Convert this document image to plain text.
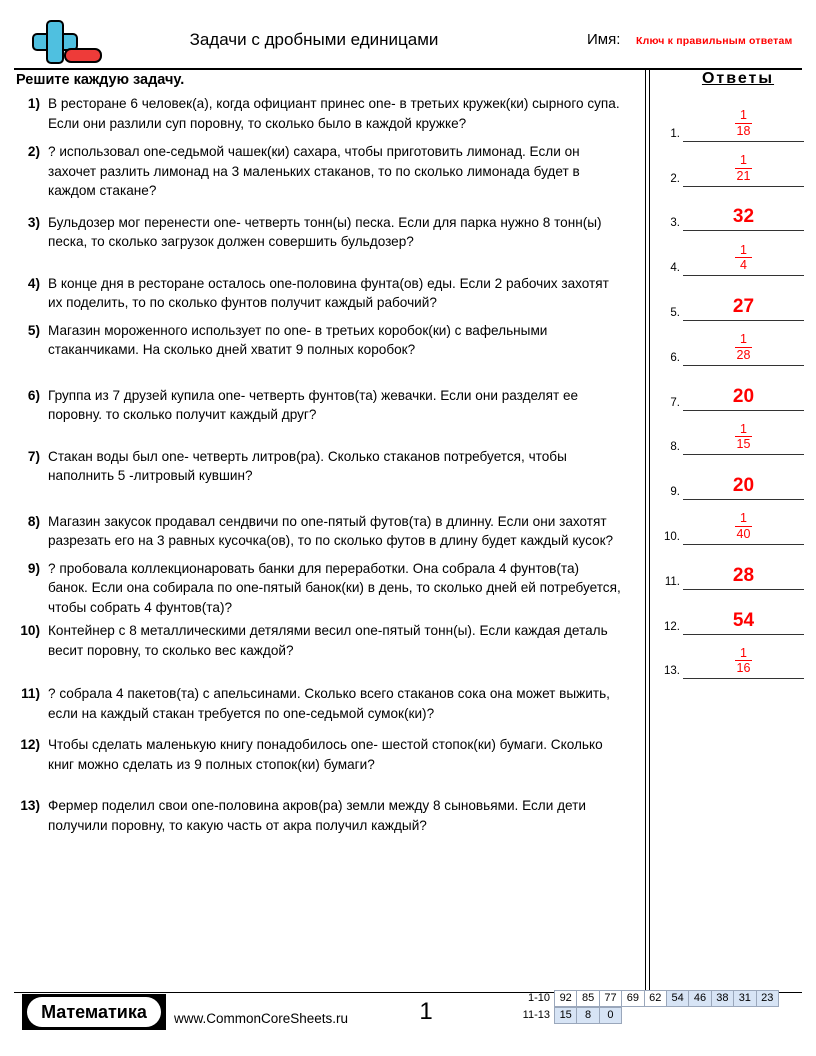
Задачи с дробными единицами	Имя: Ключ к правильным ответам
Решите каждую задачу.
1) В ресторане 6 человек(а), когда официант принес one- в третьих кружек(ки) сырного супа. Если они разлили суп поровну, то сколько было в каждой кружке?
2) ? использовал one-седьмой чашек(ки) сахара, чтобы приготовить лимонад. Если он захочет разлить лимонад на 3 маленьких стаканов, то по сколько лимонада будет в каждом стакане?
3) Бульдозер мог перенести one- четверть тонн(ы) песка. Если для парка нужно 8 тонн(ы) песка, то сколько загрузок должен совершить бульдозер?
4) В конце дня в ресторане осталось one-половина фунта(ов) еды. Если 2 рабочих захотят их поделить, то по сколько фунтов получит каждый рабочий?
5) Магазин мороженного использует по one- в третьих коробок(ки) с вафельными стаканчиками. На сколько дней хватит 9 полных коробок?
6) Группа из 7 друзей купила one- четверть фунтов(та) жевачки. Если они разделят ее поровну. то сколько получит каждый друг?
7) Стакан воды был one- четверть литров(ра). Сколько стаканов потребуется, чтобы наполнить 5 -литровый кувшин?
8) Магазин закусок продавал сендвичи по one-пятый футов(та) в длинну. Если они захотят разрезать его на 3 равных кусочка(ов), то по сколько футов в длину будет каждый кусок?
9) ? пробовала коллекционаровать банки для переработки. Она собрала 4 фунтов(та) банок. Если она собирала по one-пятый банок(ки) в день, то сколько дней ей потребуется, чтобы собрать 4 фунтов(та)?
10) Контейнер с 8 металлическими детялями весил one-пятый тонн(ы). Если каждая деталь весит поровну, то сколько вес каждой?
11) ? собрала 4 пакетов(та) с апельсинами. Сколько всего стаканов сока она может выжить, если на каждый стакан требуется по one-седьмой сумок(ки)?
12) Чтобы сделать маленькую книгу понадобилось one- шестой стопок(ки) бумаги. Сколько книг можно сделать из 9 полных стопок(ки) бумаги?
13) Фермер поделил свои one-половина акров(ра) земли между 8 сыновьями. Если дети получили поровну, то какую часть от акра получил каждый?
Ответы
1.	$\frac{1}{18}$
2.	$\frac{1}{21}$
3.	32
4.	$\frac{1}{4}$
5.	27
6.	$\frac{1}{28}$
7.	20
8.	$\frac{1}{15}$
9.	20
10.	$\frac{1}{40}$
11.	28
12.	54
13.	$\frac{1}{16}$
Математика	www.CommonCoreSheets.ru	1	1-10 92 85 77 69 62 54 46 38 31 23
11-13 15	8	0
